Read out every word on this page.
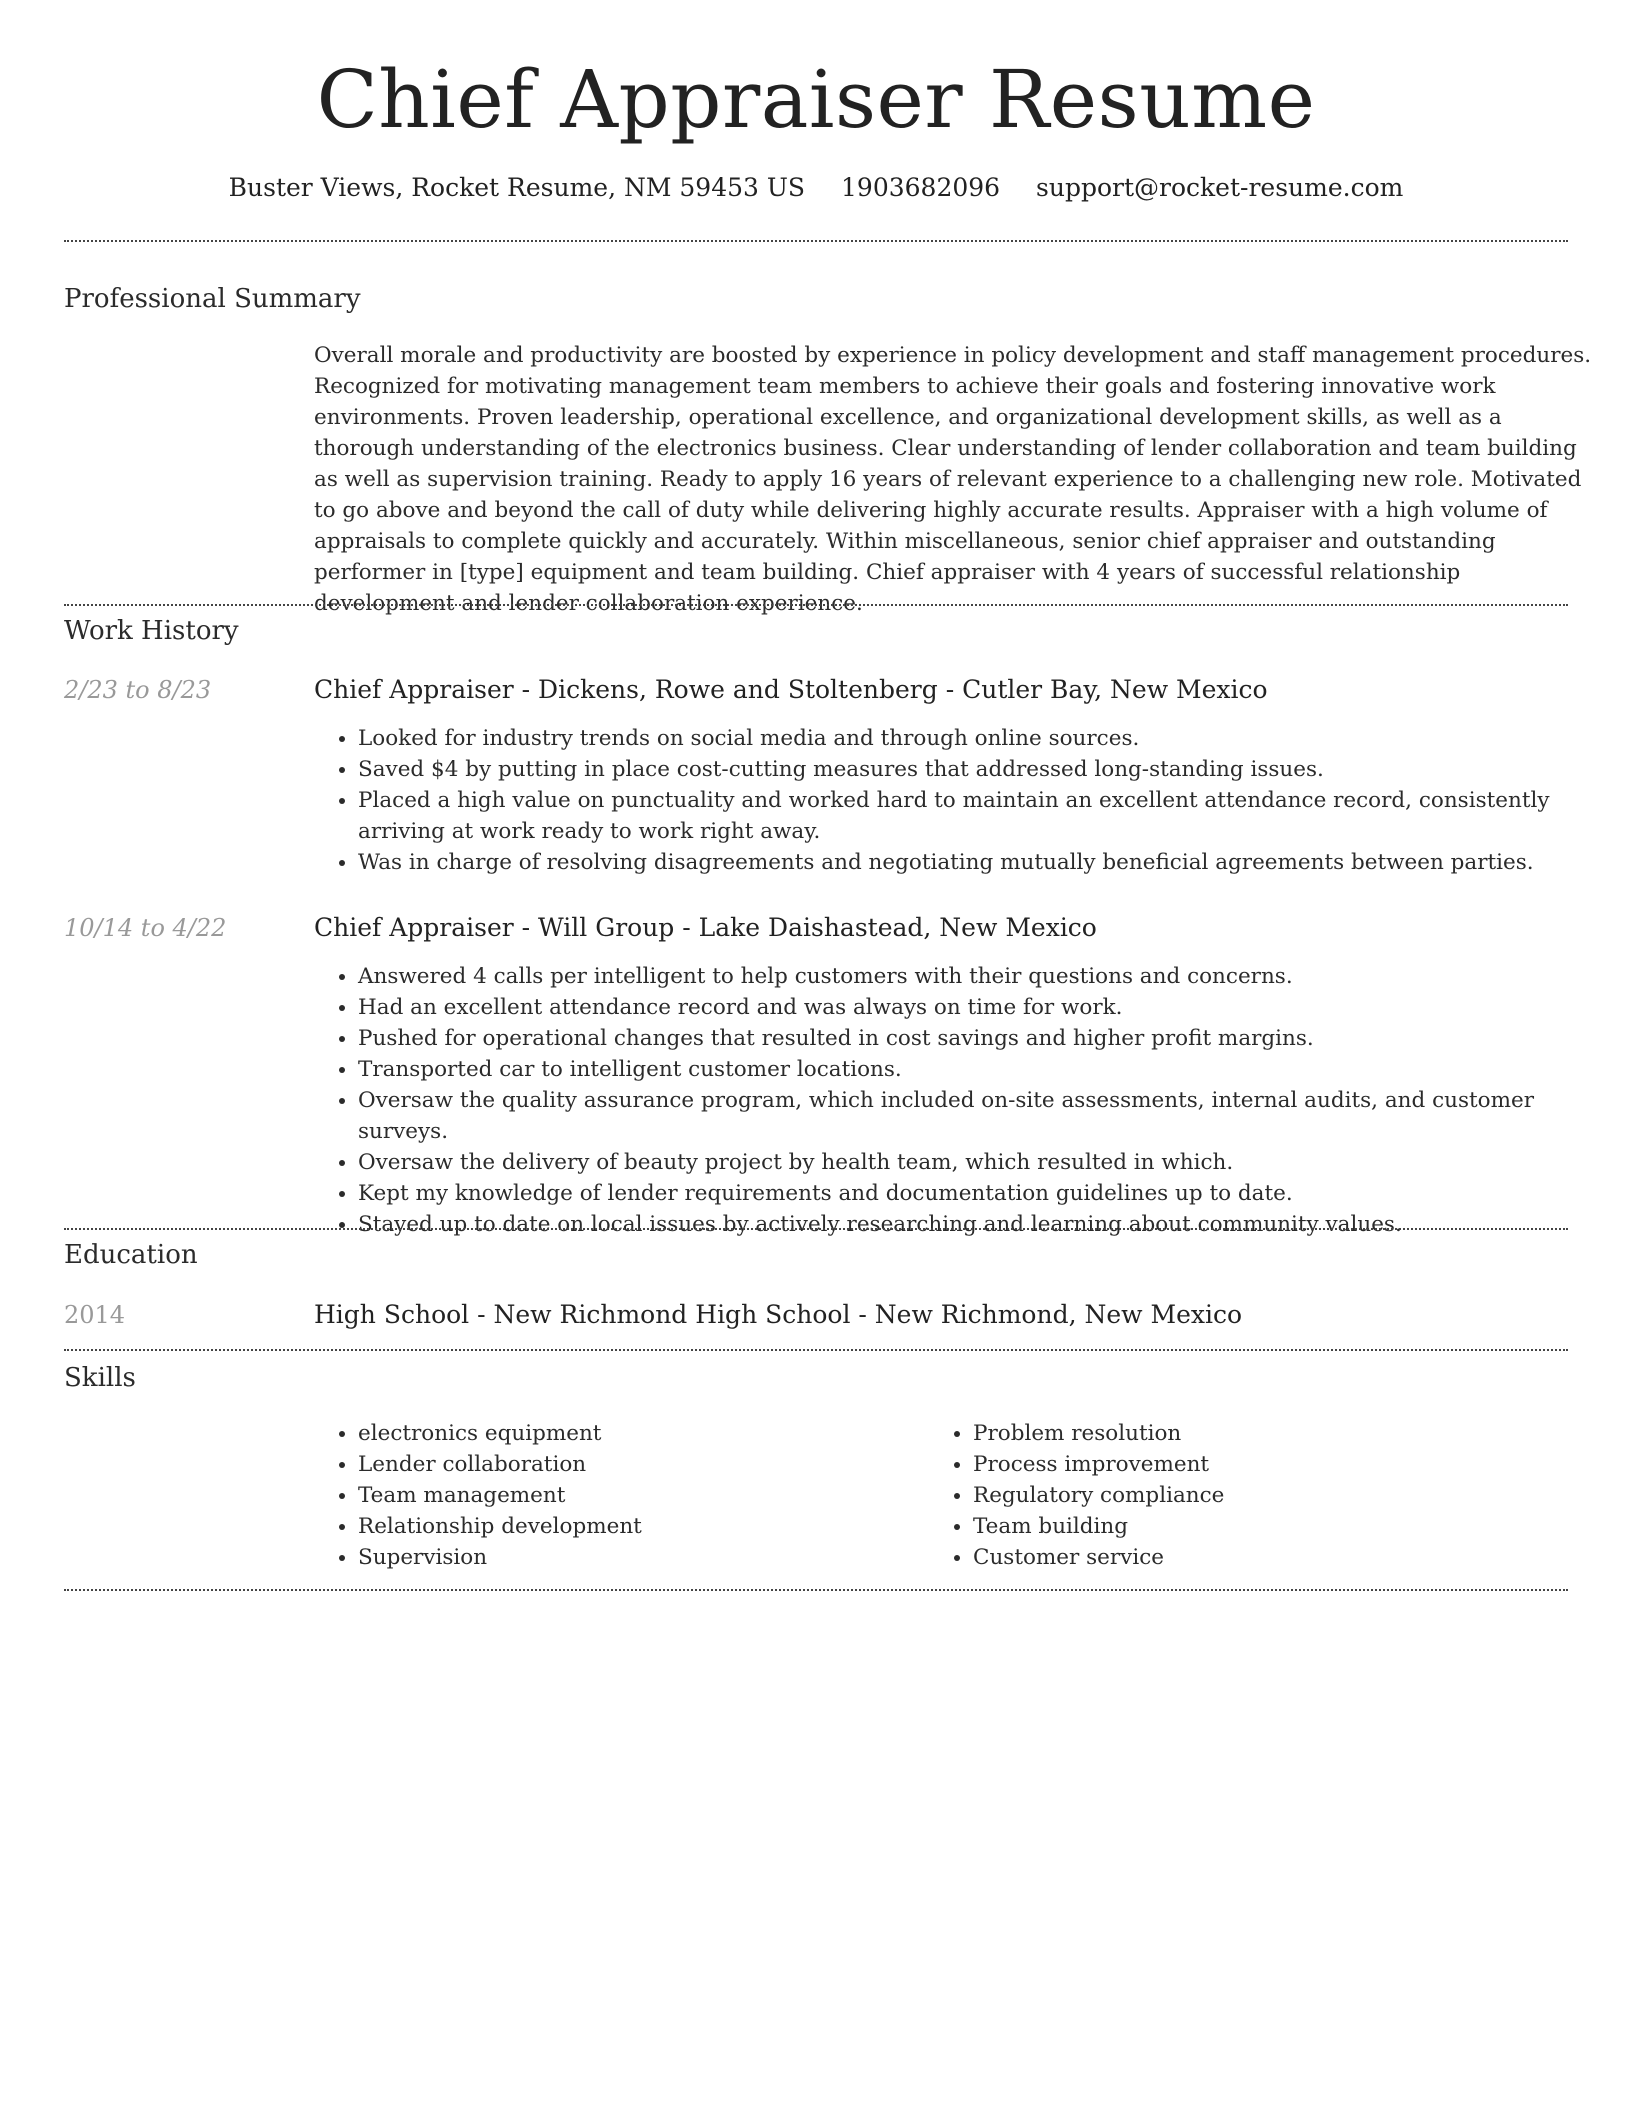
Chief Appraiser Resume
Buster Views, Rocket Resume, NM 59453 US 1903682096 support@rocket-resume.com
Professional Summary
Overall morale and productivity are boosted by experience in policy development and staff management procedures. Recognized for motivating management team members to achieve their goals and fostering innovative work environments. Proven leadership, operational excellence, and organizational development skills, as well as a thorough understanding of the electronics business. Clear understanding of lender collaboration and team building as well as supervision training. Ready to apply 16 years of relevant experience to a challenging new role. Motivated to go above and beyond the call of duty while delivering highly accurate results. Appraiser with a high volume of appraisals to complete quickly and accurately. Within miscellaneous, senior chief appraiser and outstanding performer in [type] equipment and team building. Chief appraiser with 4 years of successful relationship development and lender collaboration experience.
Work History
2/23 to 8/23	Chief Appraiser - Dickens, Rowe and Stoltenberg - Cutler Bay, New Mexico
• Looked for industry trends on social media and through online sources.
• Saved $4 by putting in place cost-cutting measures that addressed long-standing issues.
• Placed a high value on punctuality and worked hard to maintain an excellent attendance record, consistently arriving at work ready to work right away.
• Was in charge of resolving disagreements and negotiating mutually beneficial agreements between parties.
10/14 to 4/22	Chief Appraiser - Will Group - Lake Daishastead, New Mexico
• Answered 4 calls per intelligent to help customers with their questions and concerns.
• Had an excellent attendance record and was always on time for work.
• Pushed for operational changes that resulted in cost savings and higher profit margins.
• Transported car to intelligent customer locations.
• Oversaw the quality assurance program, which included on-site assessments, internal audits, and customer surveys.
• Oversaw the delivery of beauty project by health team, which resulted in which.
• Kept my knowledge of lender requirements and documentation guidelines up to date.
• Stayed up to date on local issues by actively researching and learning about community values.
Education
2014	High School - New Richmond High School - New Richmond, New Mexico
Skills
• electronics equipment
• Lender collaboration
• Team management
• Relationship development
• Supervision
• Problem resolution
• Process improvement
• Regulatory compliance
• Team building
• Customer service
